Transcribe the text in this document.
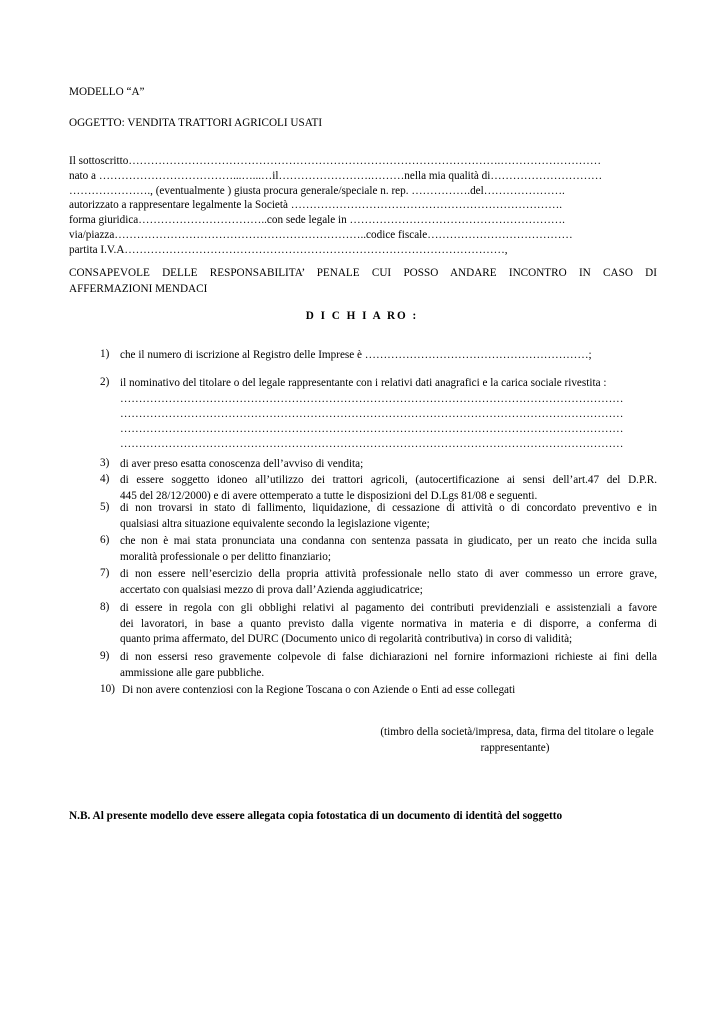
MODELLO “A”
OGGETTO: VENDITA TRATTORI AGRICOLI USATI
Il sottoscritto……………………………………………………………………………………….………………………
nato a ………………………………...…...…il…………………….………nella mia qualità di…………………………
…………………., (eventualmente ) giusta procura generale/speciale n. rep. …………….del………………….
autorizzato a rappresentare legalmente la Società ……………………………………………………………….
forma giuridica……………………………..con sede legale in ………………………………………………….
via/piazza…………………………………………………………..codice fiscale…………………………………
partita I.V.A…………………………………………………………………………………………,
CONSAPEVOLE DELLE RESPONSABILITA’ PENALE CUI POSSO ANDARE INCONTRO IN CASO DI
AFFERMAZIONI MENDACI
D I C H I A RO :
1) che il numero di iscrizione al Registro delle Imprese è ……………………………………………………;
2) il nominativo del titolare o del legale rappresentante con i relativi dati anagrafici e la carica sociale rivestita :
………………………………………………………………………………………………………………………
………………………………………………………………………………………………………………………
………………………………………………………………………………………………………………………
………………………………………………………………………………………………………………………
3) di aver preso esatta conoscenza dell’avviso di vendita;
4) di essere soggetto idoneo all’utilizzo dei trattori agricoli, (autocertificazione ai sensi dell’art.47 del D.P.R.
445 del 28/12/2000) e di avere ottemperato a tutte le disposizioni del D.Lgs 81/08 e seguenti.
5) di non trovarsi in stato di fallimento, liquidazione, di cessazione di attività o di concordato preventivo e in
qualsiasi altra situazione equivalente secondo la legislazione vigente;
6) che non è mai stata pronunciata una condanna con sentenza passata in giudicato, per un reato che incida sulla
moralità professionale o per delitto finanziario;
7) di non essere nell’esercizio della propria attività professionale nello stato di aver commesso un errore grave,
accertato con qualsiasi mezzo di prova dall’Azienda aggiudicatrice;
8) di essere in regola con gli obblighi relativi al pagamento dei contributi previdenziali e assistenziali a favore
dei lavoratori, in base a quanto previsto dalla vigente normativa in materia e di disporre, a conferma di
quanto prima affermato, del DURC (Documento unico di regolarità contributiva) in corso di validità;
9) di non essersi reso gravemente colpevole di false dichiarazioni nel fornire informazioni richieste ai fini della
ammissione alle gare pubbliche.
10) Di non avere contenziosi con la Regione Toscana o con Aziende o Enti ad esse collegati
(timbro della società/impresa, data, firma del titolare o legale
rappresentante)
N.B. Al presente modello deve essere allegata copia fotostatica di un documento di identità del soggetto
